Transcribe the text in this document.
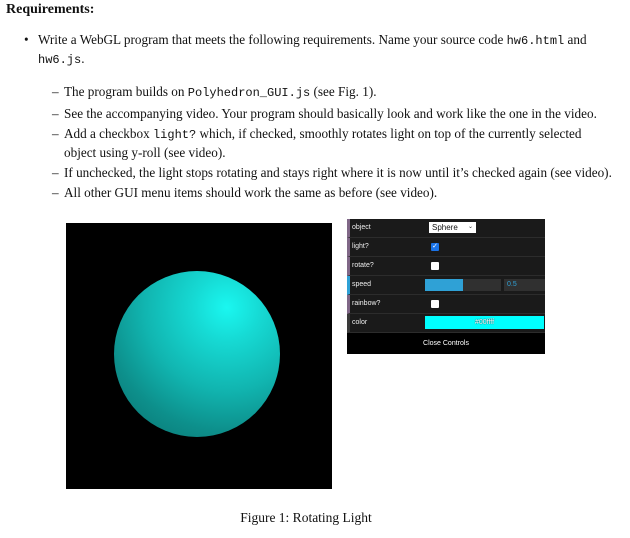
Requirements:
• Write a WebGL program that meets the following requirements. Name your source code hw6.html and hw6.js.
– The program builds on Polyhedron_GUI.js (see Fig. 1).
– See the accompanying video. Your program should basically look and work like the one in the video.
– Add a checkbox light? which, if checked, smoothly rotates light on top of the currently selected object using y-roll (see video).
– If unchecked, the light stops rotating and stays right where it is now until it’s checked again (see video).
– All other GUI menu items should work the same as before (see video).
object	Sphere ⌄
light?	✓
rotate?
speed	0.5
rainbow?
color	#00ffff
Close Controls
Figure 1: Rotating Light
